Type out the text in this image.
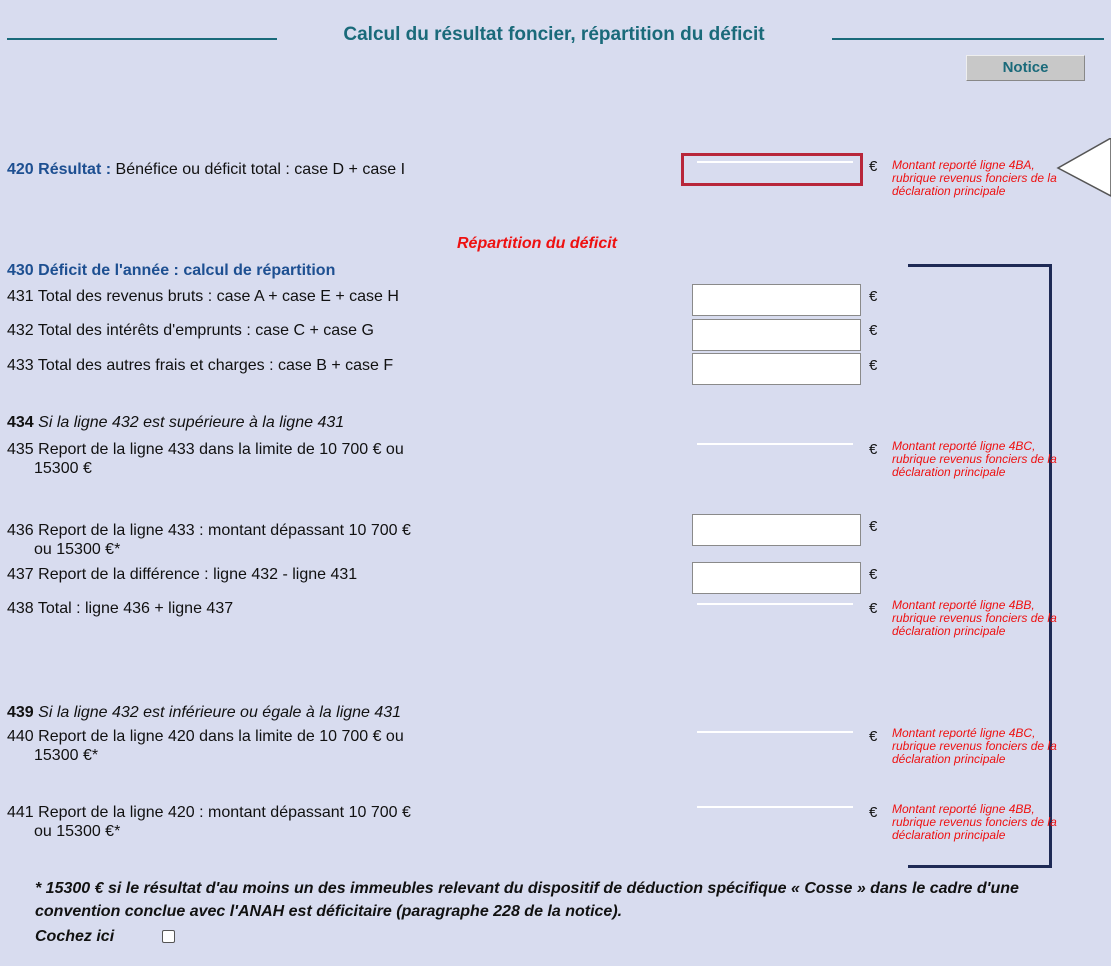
Calcul du résultat foncier, répartition du déficit
Notice
420 Résultat : Bénéfice ou déficit total : case D + case I	€ Montant reporté ligne 4BA, rubrique revenus fonciers de la déclaration principale
Répartition du déficit
430 Déficit de l'année : calcul de répartition
431 Total des revenus bruts : case A + case E + case H	€
432 Total des intérêts d'emprunts : case C + case G	€
433 Total des autres frais et charges : case B + case F	€
434 Si la ligne 432 est supérieure à la ligne 431
435 Report de la ligne 433 dans la limite de 10 700 € ou
15300 €
€ Montant reporté ligne 4BC, rubrique revenus fonciers de la déclaration principale
436 Report de la ligne 433 : montant dépassant 10 700 €
ou 15300 €*
€
437 Report de la différence : ligne 432 - ligne 431	€
438 Total : ligne 436 + ligne 437	€ Montant reporté ligne 4BB, rubrique revenus fonciers de la déclaration principale
439 Si la ligne 432 est inférieure ou égale à la ligne 431
440 Report de la ligne 420 dans la limite de 10 700 € ou
15300 €*
€ Montant reporté ligne 4BC, rubrique revenus fonciers de la déclaration principale
441 Report de la ligne 420 : montant dépassant 10 700 €
ou 15300 €*
€ Montant reporté ligne 4BB, rubrique revenus fonciers de la déclaration principale
* 15300 € si le résultat d'au moins un des immeubles relevant du dispositif de déduction spécifique « Cosse » dans le cadre d'une convention conclue avec l'ANAH est déficitaire (paragraphe 228 de la notice).
Cochez ici
